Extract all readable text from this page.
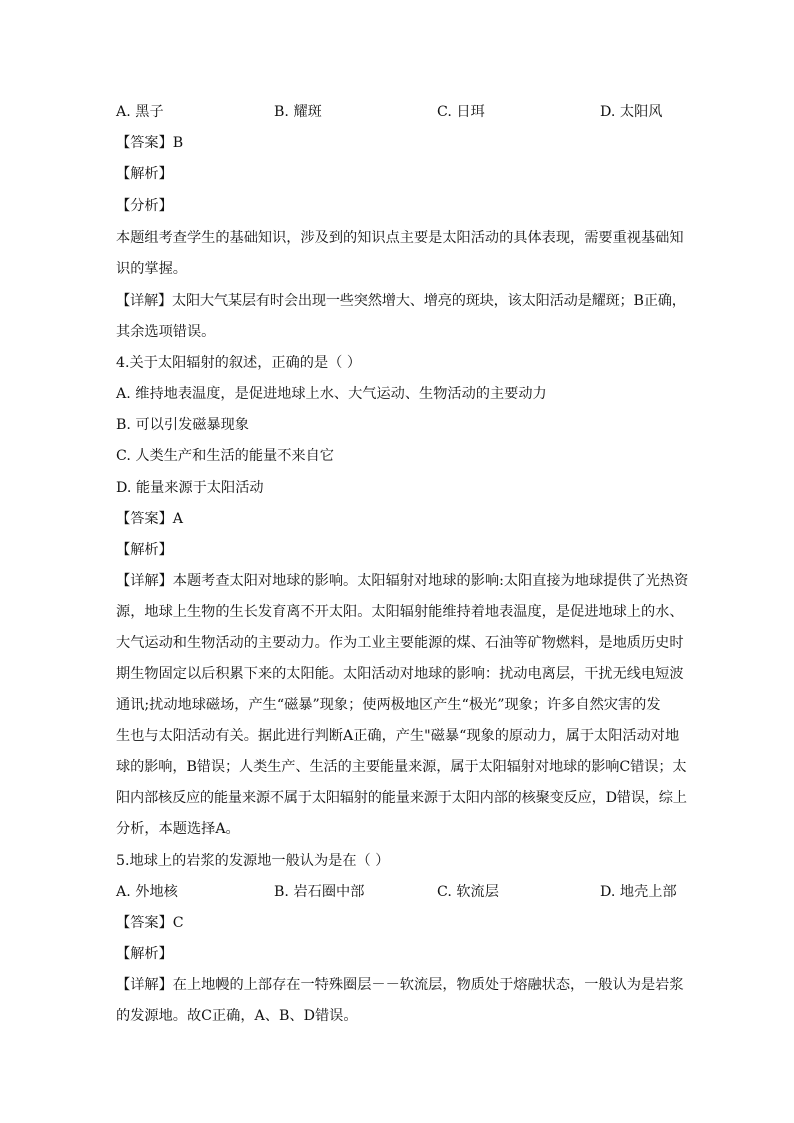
A. 黑子	B. 耀斑	C. 日珥	D. 太阳风
【答案】B
【解析】
【分析】
本题组考查学生的基础知识，涉及到的知识点主要是太阳活动的具体表现，需要重视基础知
识的掌握。
【详解】太阳大气某层有时会出现一些突然增大、增亮的斑块，该太阳活动是耀斑；B正确，
其余选项错误。
4.关于太阳辐射的叙述，正确的是（ ）
A. 维持地表温度，是促进地球上水、大气运动、生物活动的主要动力
B. 可以引发磁暴现象
C. 人类生产和生活的能量不来自它
D. 能量来源于太阳活动
【答案】A
【解析】
【详解】本题考查太阳对地球的影响。太阳辐射对地球的影响:太阳直接为地球提供了光热资
源，地球上生物的生长发育离不开太阳。太阳辐射能维持着地表温度，是促进地球上的水、
大气运动和生物活动的主要动力。作为工业主要能源的煤、石油等矿物燃料，是地质历史时
期生物固定以后积累下来的太阳能。太阳活动对地球的影响：扰动电离层，干扰无线电短波
通讯;扰动地球磁场，产生“磁暴”现象；使两极地区产生“极光”现象；许多自然灾害的发
生也与太阳活动有关。据此进行判断A正确，产生"磁暴“现象的原动力，属于太阳活动对地
球的影响，B错误；人类生产、生活的主要能量来源，属于太阳辐射对地球的影响C错误；太
阳内部核反应的能量来源不属于太阳辐射的能量来源于太阳内部的核聚变反应，D错误，综上
分析，本题选择A。
5.地球上的岩浆的发源地一般认为是在（ ）
A. 外地核	B. 岩石圈中部	C. 软流层	D. 地壳上部
【答案】C
【解析】
【详解】在上地幔的上部存在一特殊圈层－－软流层，物质处于熔融状态，一般认为是岩浆
的发源地。故C正确，A、B、D错误。
